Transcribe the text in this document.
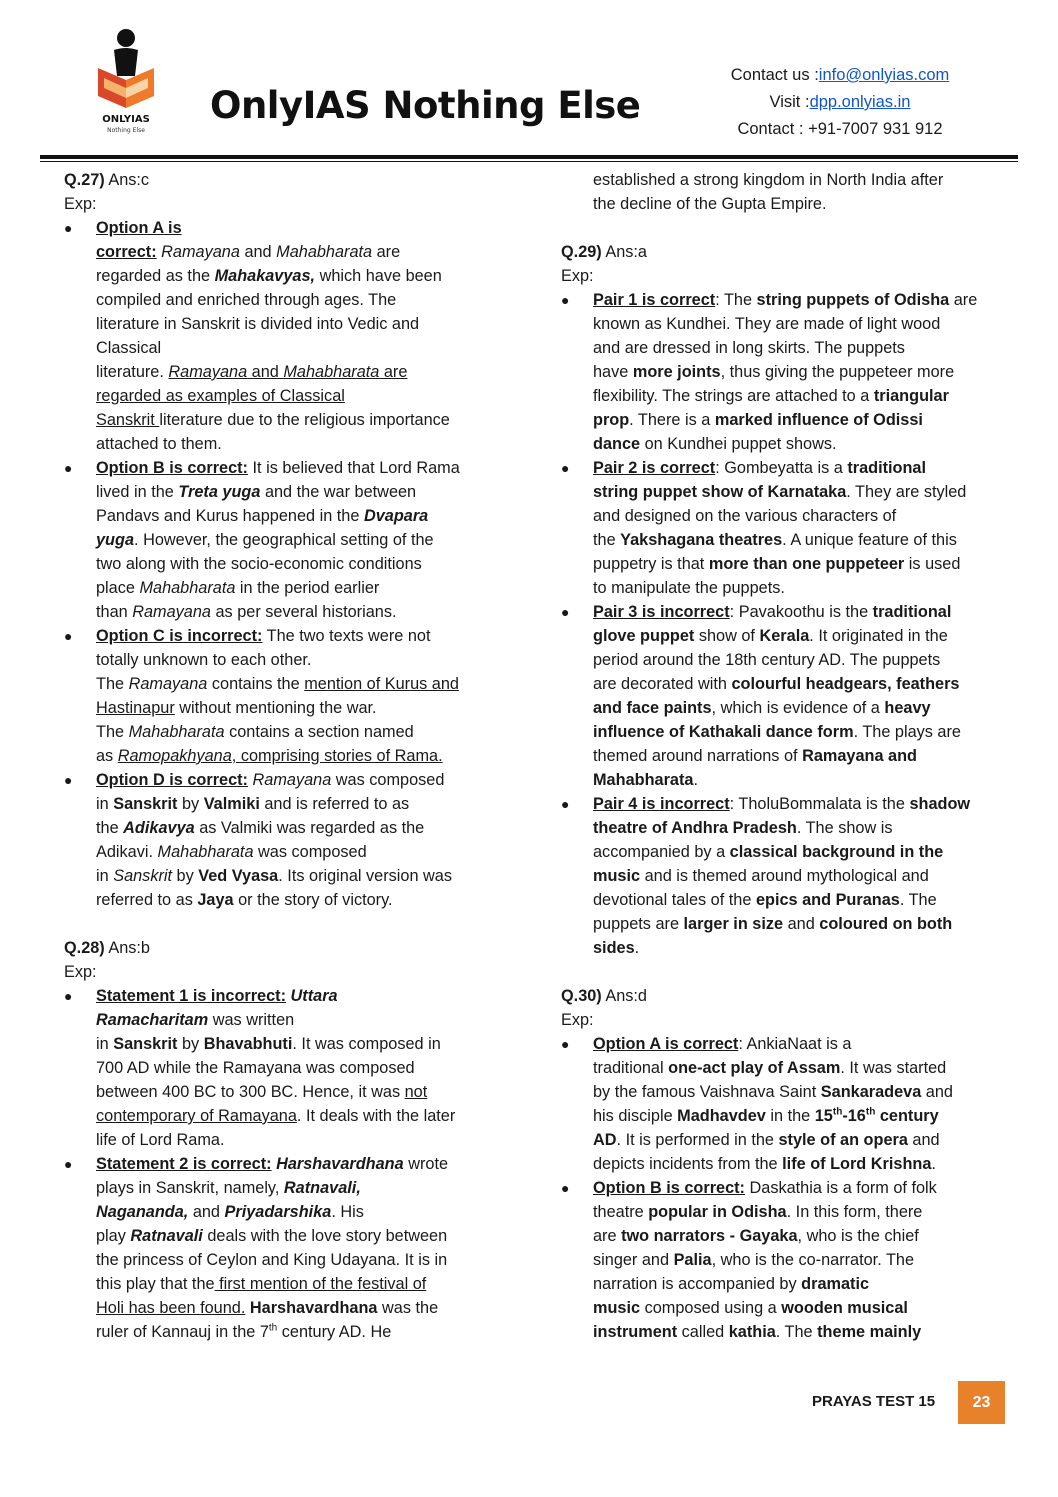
ONLYIAS
Nothing Else
OnlyIAS Nothing Else
Contact us :info@onlyias.com
Visit :dpp.onlyias.in
Contact : +91-7007 931 912
Q.27) Ans:c
Exp:
●	Option A is
correct: Ramayana and Mahabharata are
regarded as the Mahakavyas, which have been
compiled and enriched through ages. The
literature in Sanskrit is divided into Vedic and
Classical
literature. Ramayana and Mahabharata are
regarded as examples of Classical
Sanskrit literature due to the religious importance
attached to them.
●	Option B is correct: It is believed that Lord Rama
lived in the Treta yuga and the war between
Pandavs and Kurus happened in the Dvapara
yuga. However, the geographical setting of the
two along with the socio-economic conditions
place Mahabharata in the period earlier
than Ramayana as per several historians.
●	Option C is incorrect: The two texts were not
totally unknown to each other.
The Ramayana contains the mention of Kurus and
Hastinapur without mentioning the war.
The Mahabharata contains a section named
as Ramopakhyana, comprising stories of Rama.
●	Option D is correct: Ramayana was composed
in Sanskrit by Valmiki and is referred to as
the Adikavya as Valmiki was regarded as the
Adikavi. Mahabharata was composed
in Sanskrit by Ved Vyasa. Its original version was
referred to as Jaya or the story of victory.
Q.28) Ans:b
Exp:
●	Statement 1 is incorrect: Uttara
Ramacharitam was written
in Sanskrit by Bhavabhuti. It was composed in
700 AD while the Ramayana was composed
between 400 BC to 300 BC. Hence, it was not
contemporary of Ramayana. It deals with the later
life of Lord Rama.
●	Statement 2 is correct: Harshavardhana wrote
plays in Sanskrit, namely, Ratnavali,
Nagananda, and Priyadarshika. His
play Ratnavali deals with the love story between
the princess of Ceylon and King Udayana. It is in
this play that the first mention of the festival of
Holi has been found. Harshavardhana was the
ruler of Kannauj in the 7th century AD. He
established a strong kingdom in North India after
the decline of the Gupta Empire.
Q.29) Ans:a
Exp:
●	Pair 1 is correct: The string puppets of Odisha are
known as Kundhei. They are made of light wood
and are dressed in long skirts. The puppets
have more joints, thus giving the puppeteer more
flexibility. The strings are attached to a triangular
prop. There is a marked influence of Odissi
dance on Kundhei puppet shows.
●	Pair 2 is correct: Gombeyatta is a traditional
string puppet show of Karnataka. They are styled
and designed on the various characters of
the Yakshagana theatres. A unique feature of this
puppetry is that more than one puppeteer is used
to manipulate the puppets.
●	Pair 3 is incorrect: Pavakoothu is the traditional
glove puppet show of Kerala. It originated in the
period around the 18th century AD. The puppets
are decorated with colourful headgears, feathers
and face paints, which is evidence of a heavy
influence of Kathakali dance form. The plays are
themed around narrations of Ramayana and
Mahabharata.
●	Pair 4 is incorrect: TholuBommalata is the shadow
theatre of Andhra Pradesh. The show is
accompanied by a classical background in the
music and is themed around mythological and
devotional tales of the epics and Puranas. The
puppets are larger in size and coloured on both
sides.
Q.30) Ans:d
Exp:
●	Option A is correct: AnkiaNaat is a
traditional one-act play of Assam. It was started
by the famous Vaishnava Saint Sankaradeva and
his disciple Madhavdev in the 15th-16th century
AD. It is performed in the style of an opera and
depicts incidents from the life of Lord Krishna.
●	Option B is correct: Daskathia is a form of folk
theatre popular in Odisha. In this form, there
are two narrators - Gayaka, who is the chief
singer and Palia, who is the co-narrator. The
narration is accompanied by dramatic
music composed using a wooden musical
instrument called kathia. The theme mainly
PRAYAS TEST 15	23
